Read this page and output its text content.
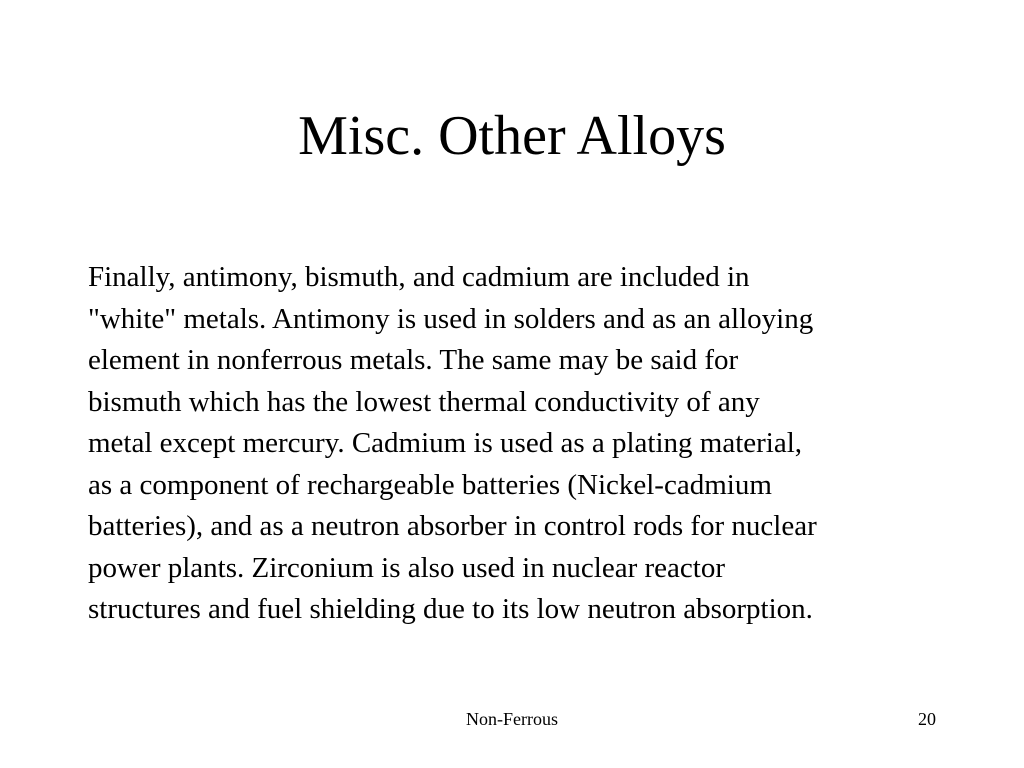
Misc. Other Alloys
Finally, antimony, bismuth, and cadmium are included in
"white" metals. Antimony is used in solders and as an alloying
element in nonferrous metals. The same may be said for
bismuth which has the lowest thermal conductivity of any
metal except mercury. Cadmium is used as a plating material,
as a component of rechargeable batteries (Nickel-cadmium
batteries), and as a neutron absorber in control rods for nuclear
power plants. Zirconium is also used in nuclear reactor
structures and fuel shielding due to its low neutron absorption.
Non-Ferrous	20
